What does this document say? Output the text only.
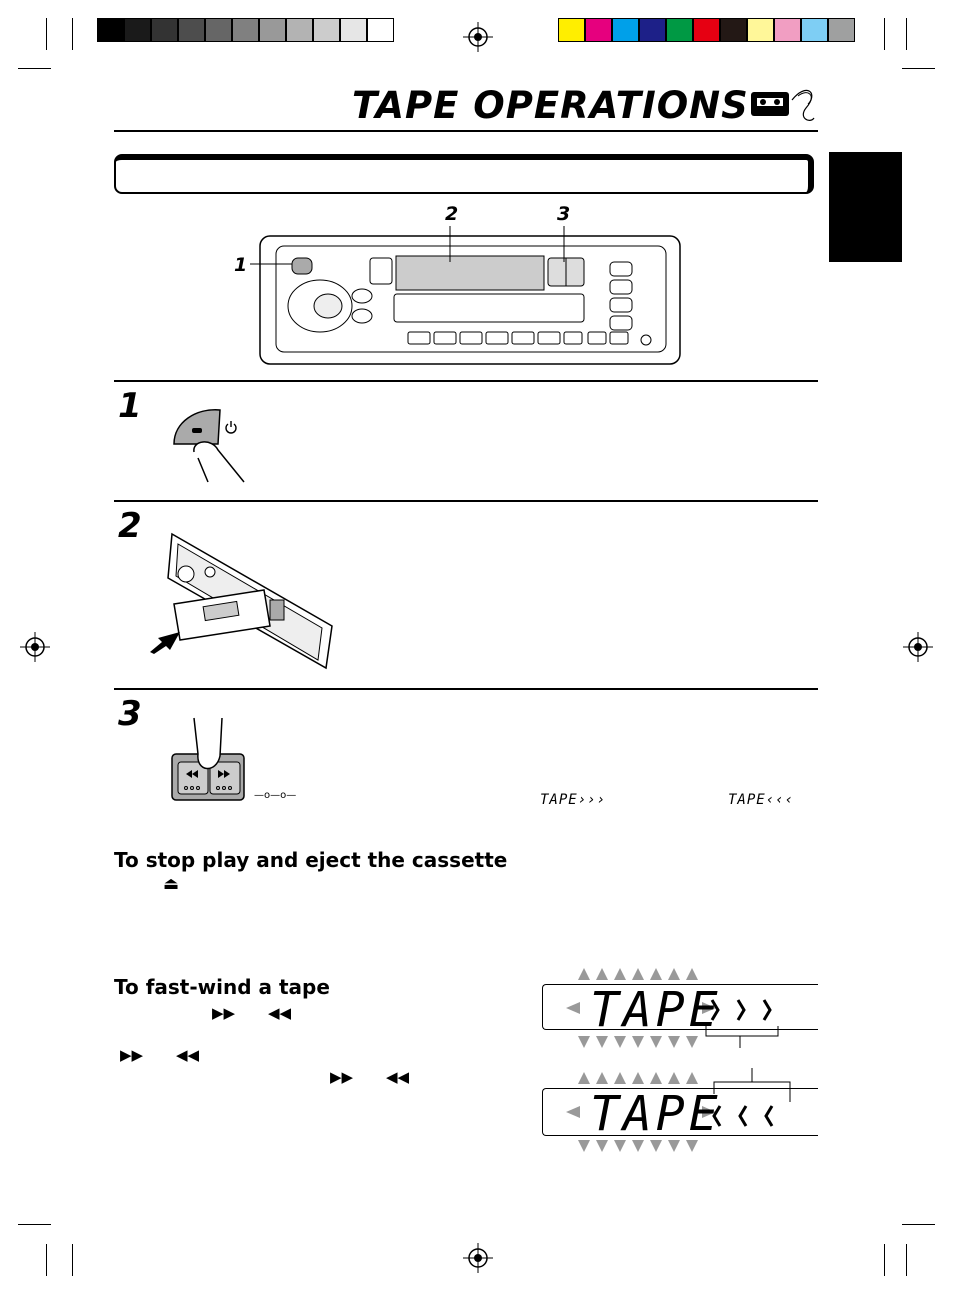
TAPE OPERATIONS
1
2	3
1
2
3
—o—o—	TAPE›››	TAPE‹‹‹
To stop play and eject the cassette
⏏
To fast-wind a tape
▶▶ ◀◀
▶▶ ◀◀
▶▶ ◀◀
TAPE
TAPE
